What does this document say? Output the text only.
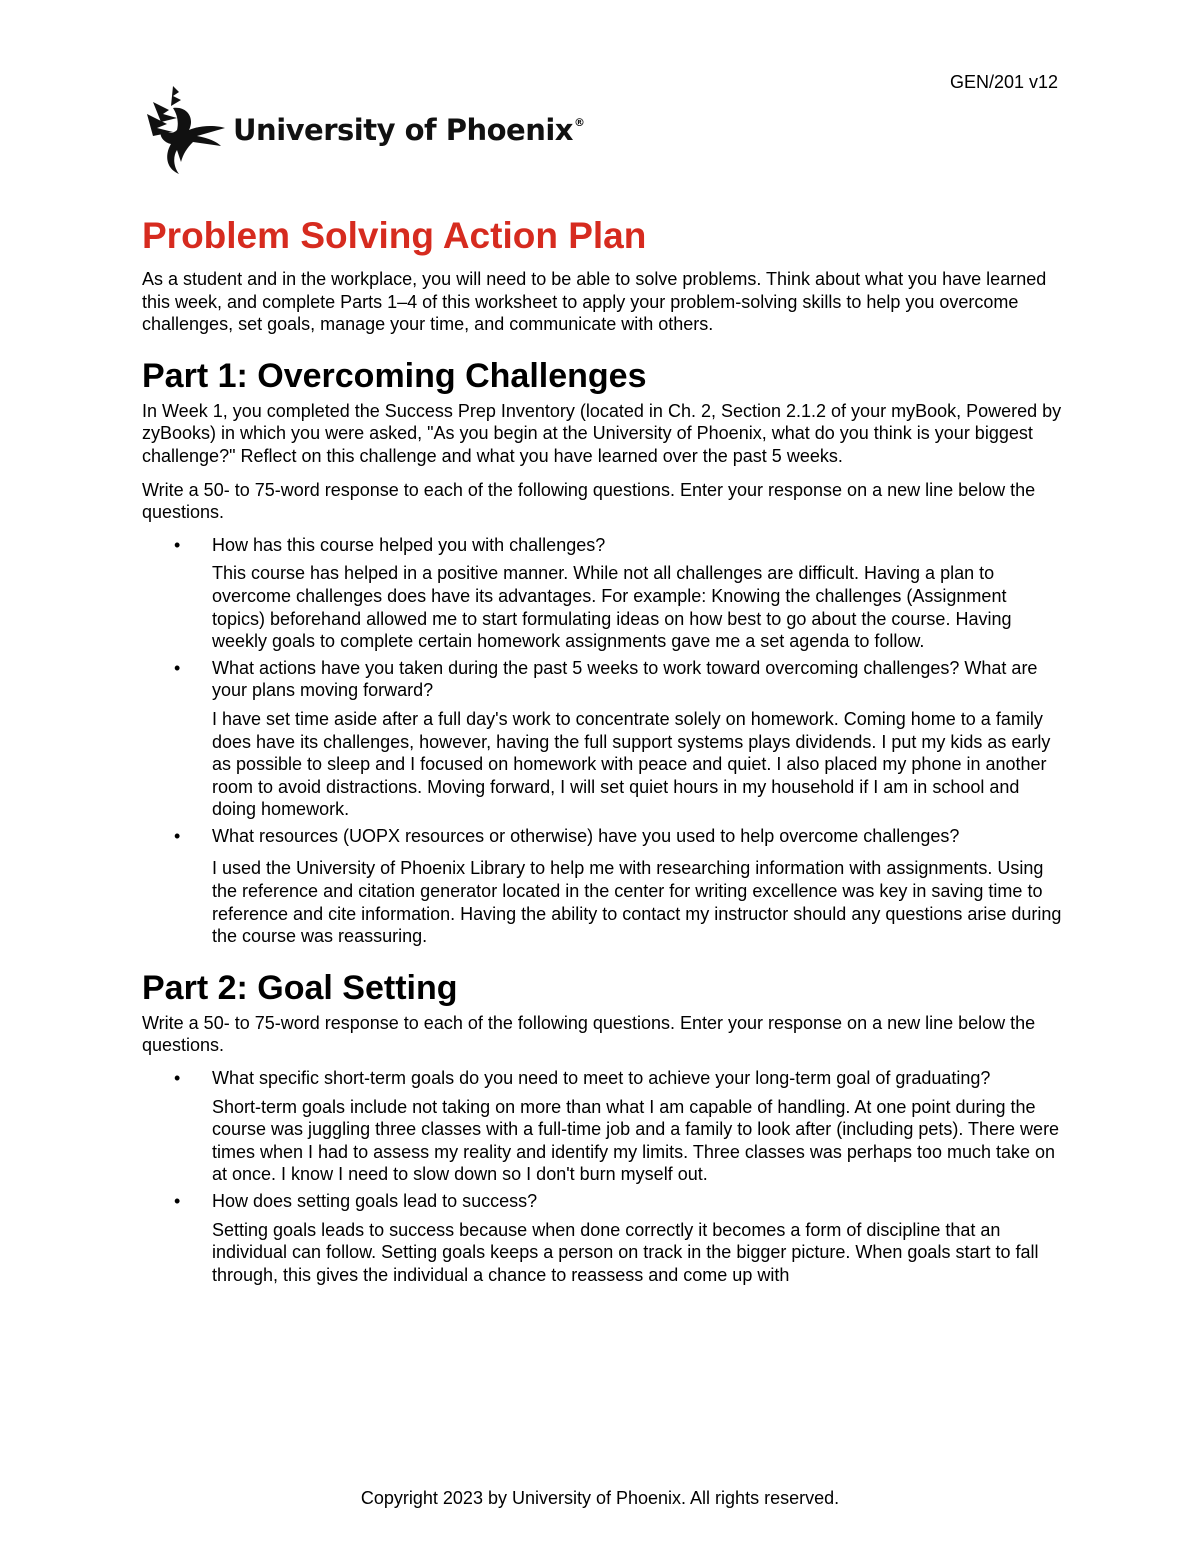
GEN/201 v12
University of Phoenix®
Problem Solving Action Plan

As a student and in the workplace, you will need to be able to solve problems. Think about what you have learned this week, and complete Parts 1–4 of this worksheet to apply your problem-solving skills to help you overcome challenges, set goals, manage your time, and communicate with others.

Part 1: Overcoming Challenges

In Week 1, you completed the Success Prep Inventory (located in Ch. 2, Section 2.1.2 of your myBook, Powered by zyBooks) in which you were asked, "As you begin at the University of Phoenix, what do you think is your biggest challenge?" Reflect on this challenge and what you have learned over the past 5 weeks.

Write a 50- to 75-word response to each of the following questions. Enter your response on a new line below the questions.

• How has this course helped you with challenges?

This course has helped in a positive manner. While not all challenges are difficult. Having a plan to overcome challenges does have its advantages. For example: Knowing the challenges (Assignment topics) beforehand allowed me to start formulating ideas on how best to go about the course. Having weekly goals to complete certain homework assignments gave me a set agenda to follow.

• What actions have you taken during the past 5 weeks to work toward overcoming challenges? What are your plans moving forward?

I have set time aside after a full day's work to concentrate solely on homework. Coming home to a family does have its challenges, however, having the full support systems plays dividends. I put my kids as early as possible to sleep and I focused on homework with peace and quiet. I also placed my phone in another room to avoid distractions. Moving forward, I will set quiet hours in my household if I am in school and doing homework.

• What resources (UOPX resources or otherwise) have you used to help overcome challenges?

I used the University of Phoenix Library to help me with researching information with assignments. Using the reference and citation generator located in the center for writing excellence was key in saving time to reference and cite information. Having the ability to contact my instructor should any questions arise during the course was reassuring.

Part 2: Goal Setting

Write a 50- to 75-word response to each of the following questions. Enter your response on a new line below the questions.

• What specific short-term goals do you need to meet to achieve your long-term goal of graduating?

Short-term goals include not taking on more than what I am capable of handling. At one point during the course was juggling three classes with a full-time job and a family to look after (including pets). There were times when I had to assess my reality and identify my limits. Three classes was perhaps too much take on at once. I know I need to slow down so I don't burn myself out.

• How does setting goals lead to success?

Setting goals leads to success because when done correctly it becomes a form of discipline that an individual can follow. Setting goals keeps a person on track in the bigger picture. When goals start to fall through, this gives the individual a chance to reassess and come up with

Copyright 2023 by University of Phoenix. All rights reserved.
